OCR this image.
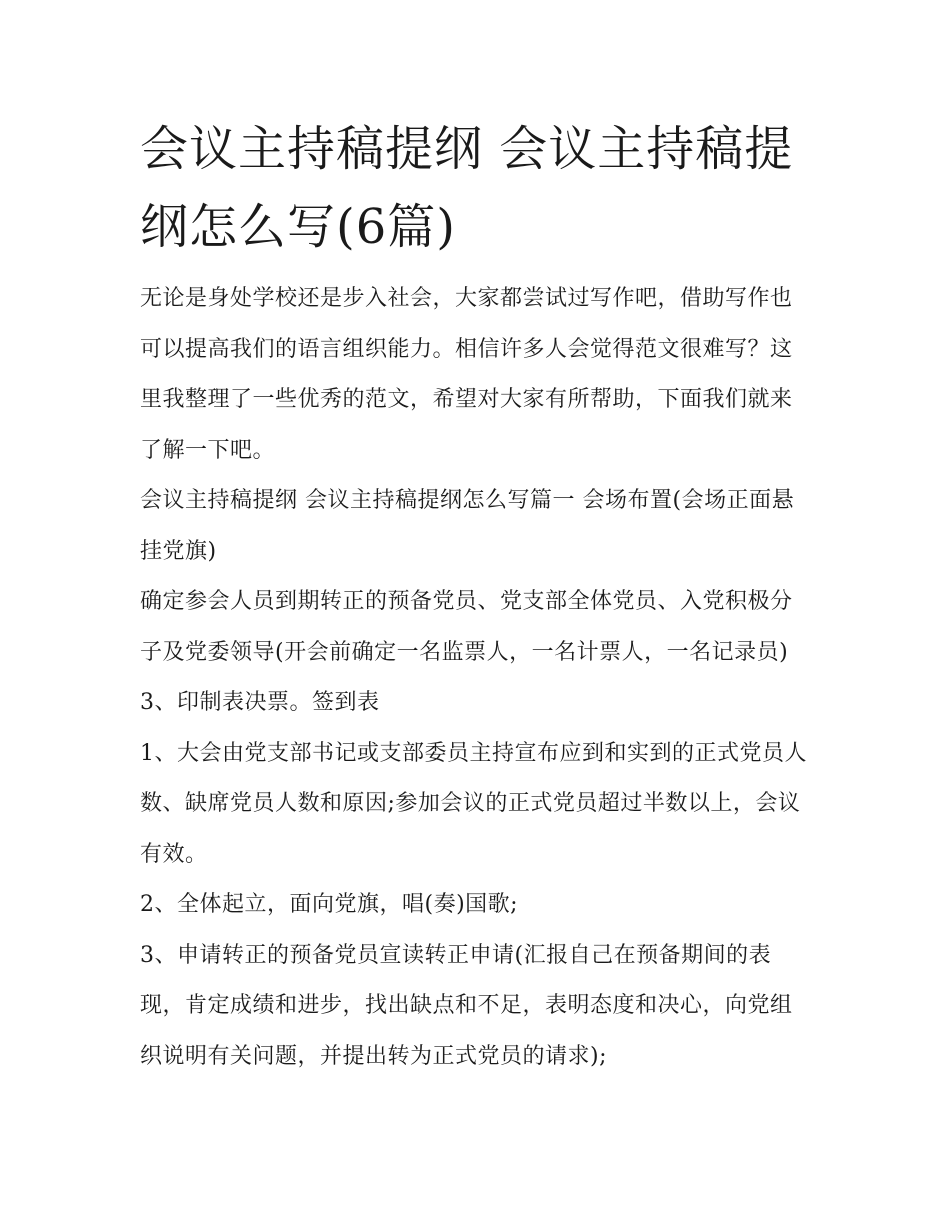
会议主持稿提纲 会议主持稿提纲怎么写(6篇)

无论是身处学校还是步入社会，大家都尝试过写作吧，借助写作也可以提高我们的语言组织能力。相信许多人会觉得范文很难写？这里我整理了一些优秀的范文，希望对大家有所帮助，下面我们就来了解一下吧。

会议主持稿提纲 会议主持稿提纲怎么写篇一 会场布置(会场正面悬挂党旗)

确定参会人员到期转正的预备党员、党支部全体党员、入党积极分子及党委领导(开会前确定一名监票人，一名计票人，一名记录员) 3、印制表决票。签到表

1、大会由党支部书记或支部委员主持宣布应到和实到的正式党员人数、缺席党员人数和原因;参加会议的正式党员超过半数以上，会议有效。

2、全体起立，面向党旗，唱(奏)国歌;

3、申请转正的预备党员宣读转正申请(汇报自己在预备期间的表现，肯定成绩和进步，找出缺点和不足，表明态度和决心，向党组织说明有关问题，并提出转为正式党员的请求);
